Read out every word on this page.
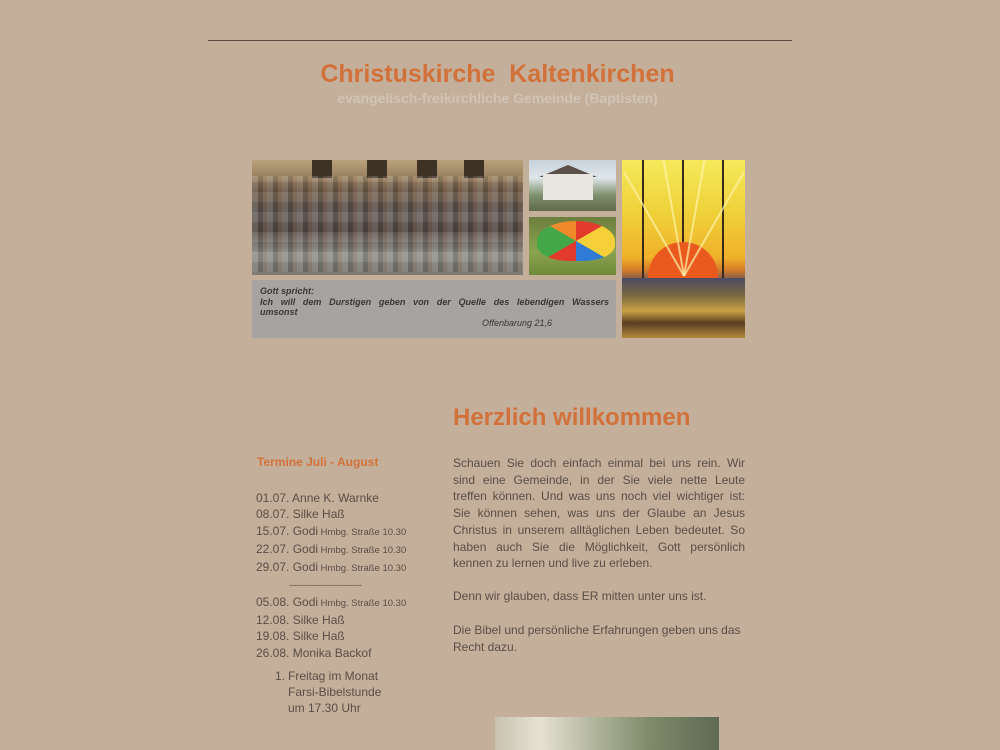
Christuskirche  Kaltenkirchen
evangelisch-freikirchliche Gemeinde (Baptisten)
Gott spricht:
Ich will dem Durstigen geben von der Quelle des lebendigen Wassers
umsonst
Offenbarung 21,6
Termine Juli - August
01.07. Anne K. Warnke
08.07. Silke Haß
15.07. Godi Hmbg. Straße 10.30
22.07. Godi Hmbg. Straße 10.30
29.07. Godi Hmbg. Straße 10.30
---------------------------
05.08. Godi Hmbg. Straße 10.30
12.08. Silke Haß
19.08. Silke Haß
26.08. Monika Backof
1. Freitag im Monat
Farsi-Bibelstunde
um 17.30 Uhr
Herzlich willkommen

Schauen Sie doch einfach einmal bei uns rein. Wir sind eine Gemeinde, in der Sie viele nette Leute treffen können. Und was uns noch viel wichtiger ist: Sie können sehen, was uns der Glaube an Jesus Christus in unserem alltäglichen Leben bedeutet. So haben auch Sie die Möglichkeit, Gott persönlich kennen zu lernen und live zu erleben.

Denn wir glauben, dass ER mitten unter uns ist.

Die Bibel und persönliche Erfahrungen geben uns das Recht dazu.
